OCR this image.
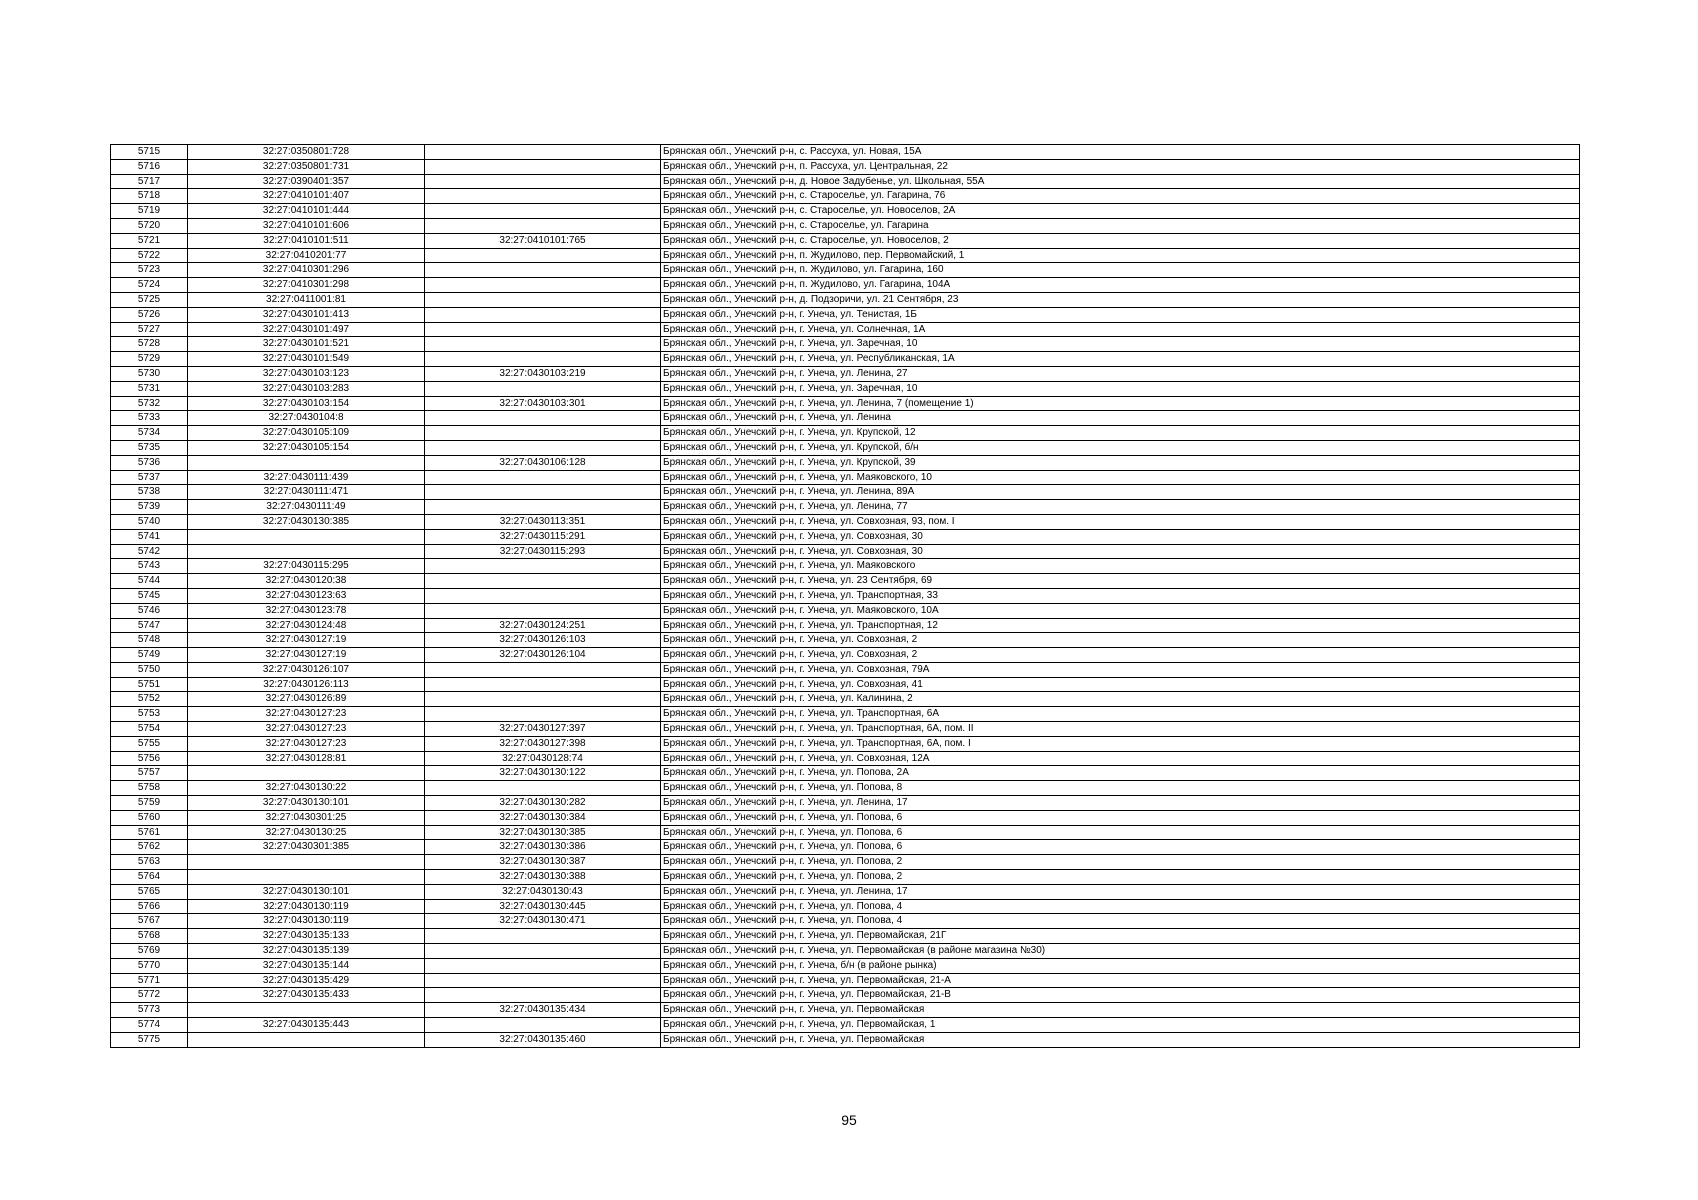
5715	32:27:0350801:728		Брянская обл., Унечский р-н, с. Рассуха, ул. Новая, 15А
5716	32:27:0350801:731		Брянская обл., Унечский р-н, п. Рассуха, ул. Центральная, 22
5717	32:27:0390401:357		Брянская обл., Унечский р-н, д. Новое Задубенье, ул. Школьная, 55А
5718	32:27:0410101:407		Брянская обл., Унечский р-н, с. Староселье, ул. Гагарина, 76
5719	32:27:0410101:444		Брянская обл., Унечский р-н, с. Староселье, ул. Новоселов, 2А
5720	32:27:0410101:606		Брянская обл., Унечский р-н, с. Староселье, ул. Гагарина
5721	32:27:0410101:511	32:27:0410101:765	Брянская обл., Унечский р-н, с. Староселье, ул. Новоселов, 2
5722	32:27:0410201:77		Брянская обл., Унечский р-н, п. Жудилово, пер. Первомайский, 1
5723	32:27:0410301:296		Брянская обл., Унечский р-н, п. Жудилово, ул. Гагарина, 160
5724	32:27:0410301:298		Брянская обл., Унечский р-н, п. Жудилово, ул. Гагарина, 104А
5725	32:27:0411001:81		Брянская обл., Унечский р-н, д. Подзоричи, ул. 21 Сентября, 23
5726	32:27:0430101:413		Брянская обл., Унечский р-н, г. Унеча, ул. Тенистая, 1Б
5727	32:27:0430101:497		Брянская обл., Унечский р-н, г. Унеча, ул. Солнечная, 1А
5728	32:27:0430101:521		Брянская обл., Унечский р-н, г. Унеча, ул. Заречная, 10
5729	32:27:0430101:549		Брянская обл., Унечский р-н, г. Унеча, ул. Республиканская, 1А
5730	32:27:0430103:123	32:27:0430103:219	Брянская обл., Унечский р-н, г. Унеча, ул. Ленина, 27
5731	32:27:0430103:283		Брянская обл., Унечский р-н, г. Унеча, ул. Заречная, 10
5732	32:27:0430103:154	32:27:0430103:301	Брянская обл., Унечский р-н, г. Унеча, ул. Ленина, 7 (помещение 1)
5733	32:27:0430104:8		Брянская обл., Унечский р-н, г. Унеча, ул. Ленина
5734	32:27:0430105:109		Брянская обл., Унечский р-н, г. Унеча, ул. Крупской, 12
5735	32:27:0430105:154		Брянская обл., Унечский р-н, г. Унеча, ул. Крупской, б/н
5736		32:27:0430106:128	Брянская обл., Унечский р-н, г. Унеча, ул. Крупской, 39
5737	32:27:0430111:439		Брянская обл., Унечский р-н, г. Унеча, ул. Маяковского, 10
5738	32:27:0430111:471		Брянская обл., Унечский р-н, г. Унеча, ул. Ленина, 89А
5739	32:27:0430111:49		Брянская обл., Унечский р-н, г. Унеча, ул. Ленина, 77
5740	32:27:0430130:385	32:27:0430113:351	Брянская обл., Унечский р-н, г. Унеча, ул. Совхозная, 93, пом. I
5741		32:27:0430115:291	Брянская обл., Унечский р-н, г. Унеча, ул. Совхозная, 30
5742		32:27:0430115:293	Брянская обл., Унечский р-н, г. Унеча, ул. Совхозная, 30
5743	32:27:0430115:295		Брянская обл., Унечский р-н, г. Унеча, ул. Маяковского
5744	32:27:0430120:38		Брянская обл., Унечский р-н, г. Унеча, ул. 23 Сентября, 69
5745	32:27:0430123:63		Брянская обл., Унечский р-н, г. Унеча, ул. Транспортная, 33
5746	32:27:0430123:78		Брянская обл., Унечский р-н, г. Унеча, ул. Маяковского, 10А
5747	32:27:0430124:48	32:27:0430124:251	Брянская обл., Унечский р-н, г. Унеча, ул. Транспортная, 12
5748	32:27:0430127:19	32:27:0430126:103	Брянская обл., Унечский р-н, г. Унеча, ул. Совхозная, 2
5749	32:27:0430127:19	32:27:0430126:104	Брянская обл., Унечский р-н, г. Унеча, ул. Совхозная, 2
5750	32:27:0430126:107		Брянская обл., Унечский р-н, г. Унеча, ул. Совхозная, 79А
5751	32:27:0430126:113		Брянская обл., Унечский р-н, г. Унеча, ул. Совхозная, 41
5752	32:27:0430126:89		Брянская обл., Унечский р-н, г. Унеча, ул. Калинина, 2
5753	32:27:0430127:23		Брянская обл., Унечский р-н, г. Унеча, ул. Транспортная, 6А
5754	32:27:0430127:23	32:27:0430127:397	Брянская обл., Унечский р-н, г. Унеча, ул. Транспортная, 6А, пом. II
5755	32:27:0430127:23	32:27:0430127:398	Брянская обл., Унечский р-н, г. Унеча, ул. Транспортная, 6А, пом. I
5756	32:27:0430128:81	32:27:0430128:74	Брянская обл., Унечский р-н, г. Унеча, ул. Совхозная, 12А
5757		32:27:0430130:122	Брянская обл., Унечский р-н, г. Унеча, ул. Попова, 2А
5758	32:27:0430130:22		Брянская обл., Унечский р-н, г. Унеча, ул. Попова, 8
5759	32:27:0430130:101	32:27:0430130:282	Брянская обл., Унечский р-н, г. Унеча, ул. Ленина, 17
5760	32:27:0430301:25	32:27:0430130:384	Брянская обл., Унечский р-н, г. Унеча, ул. Попова, 6
5761	32:27:0430130:25	32:27:0430130:385	Брянская обл., Унечский р-н, г. Унеча, ул. Попова, 6
5762	32:27:0430301:385	32:27:0430130:386	Брянская обл., Унечский р-н, г. Унеча, ул. Попова, 6
5763		32:27:0430130:387	Брянская обл., Унечский р-н, г. Унеча, ул. Попова, 2
5764		32:27:0430130:388	Брянская обл., Унечский р-н, г. Унеча, ул. Попова, 2
5765	32:27:0430130:101	32:27:0430130:43	Брянская обл., Унечский р-н, г. Унеча, ул. Ленина, 17
5766	32:27:0430130:119	32:27:0430130:445	Брянская обл., Унечский р-н, г. Унеча, ул. Попова, 4
5767	32:27:0430130:119	32:27:0430130:471	Брянская обл., Унечский р-н, г. Унеча, ул. Попова, 4
5768	32:27:0430135:133		Брянская обл., Унечский р-н, г. Унеча, ул. Первомайская, 21Г
5769	32:27:0430135:139		Брянская обл., Унечский р-н, г. Унеча, ул. Первомайская (в районе магазина №30)
5770	32:27:0430135:144		Брянская обл., Унечский р-н, г. Унеча, б/н (в районе рынка)
5771	32:27:0430135:429		Брянская обл., Унечский р-н, г. Унеча, ул. Первомайская, 21-А
5772	32:27:0430135:433		Брянская обл., Унечский р-н, г. Унеча, ул. Первомайская, 21-В
5773		32:27:0430135:434	Брянская обл., Унечский р-н, г. Унеча, ул. Первомайская
5774	32:27:0430135:443		Брянская обл., Унечский р-н, г. Унеча, ул. Первомайская, 1
5775		32:27:0430135:460	Брянская обл., Унечский р-н, г. Унеча, ул. Первомайская
95
